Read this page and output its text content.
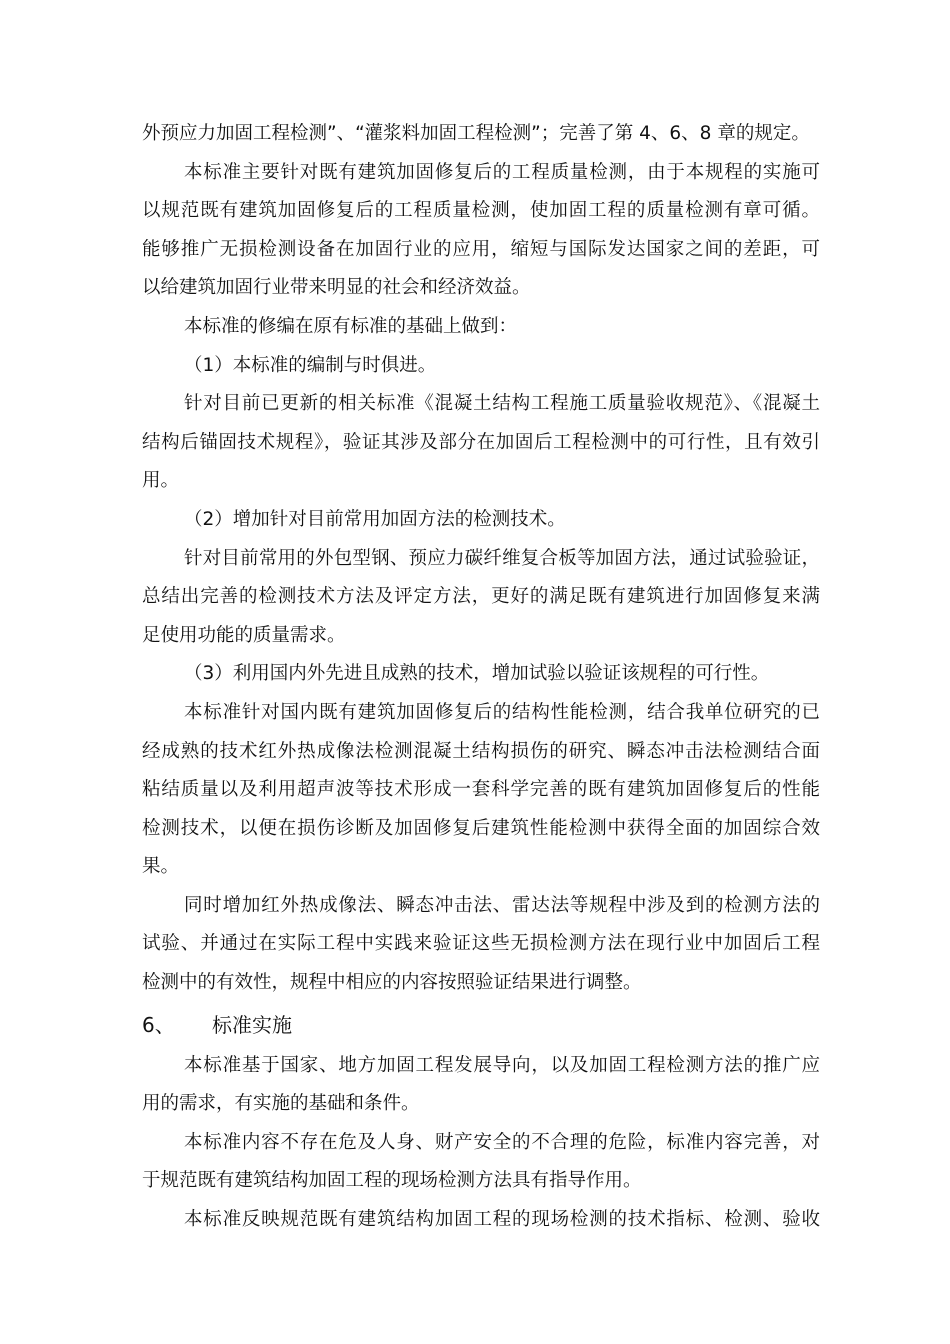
外预应力加固工程检测”、“灌浆料加固工程检测”；完善了第 4、6、8 章的规定。
本标准主要针对既有建筑加固修复后的工程质量检测，由于本规程的实施可
以规范既有建筑加固修复后的工程质量检测，使加固工程的质量检测有章可循。
能够推广无损检测设备在加固行业的应用，缩短与国际发达国家之间的差距，可
以给建筑加固行业带来明显的社会和经济效益。
本标准的修编在原有标准的基础上做到：
（1）本标准的编制与时俱进。
针对目前已更新的相关标准《混凝土结构工程施工质量验收规范》、《混凝土
结构后锚固技术规程》，验证其涉及部分在加固后工程检测中的可行性，且有效引
用。
（2）增加针对目前常用加固方法的检测技术。
针对目前常用的外包型钢、预应力碳纤维复合板等加固方法，通过试验验证，
总结出完善的检测技术方法及评定方法，更好的满足既有建筑进行加固修复来满
足使用功能的质量需求。
（3）利用国内外先进且成熟的技术，增加试验以验证该规程的可行性。
本标准针对国内既有建筑加固修复后的结构性能检测，结合我单位研究的已
经成熟的技术红外热成像法检测混凝土结构损伤的研究、瞬态冲击法检测结合面
粘结质量以及利用超声波等技术形成一套科学完善的既有建筑加固修复后的性能
检测技术，以便在损伤诊断及加固修复后建筑性能检测中获得全面的加固综合效
果。
同时增加红外热成像法、瞬态冲击法、雷达法等规程中涉及到的检测方法的
试验、并通过在实际工程中实践来验证这些无损检测方法在现行业中加固后工程
检测中的有效性，规程中相应的内容按照验证结果进行调整。
6、 标准实施
本标准基于国家、地方加固工程发展导向，以及加固工程检测方法的推广应
用的需求，有实施的基础和条件。
本标准内容不存在危及人身、财产安全的不合理的危险，标准内容完善，对
于规范既有建筑结构加固工程的现场检测方法具有指导作用。
本标准反映规范既有建筑结构加固工程的现场检测的技术指标、检测、验收
